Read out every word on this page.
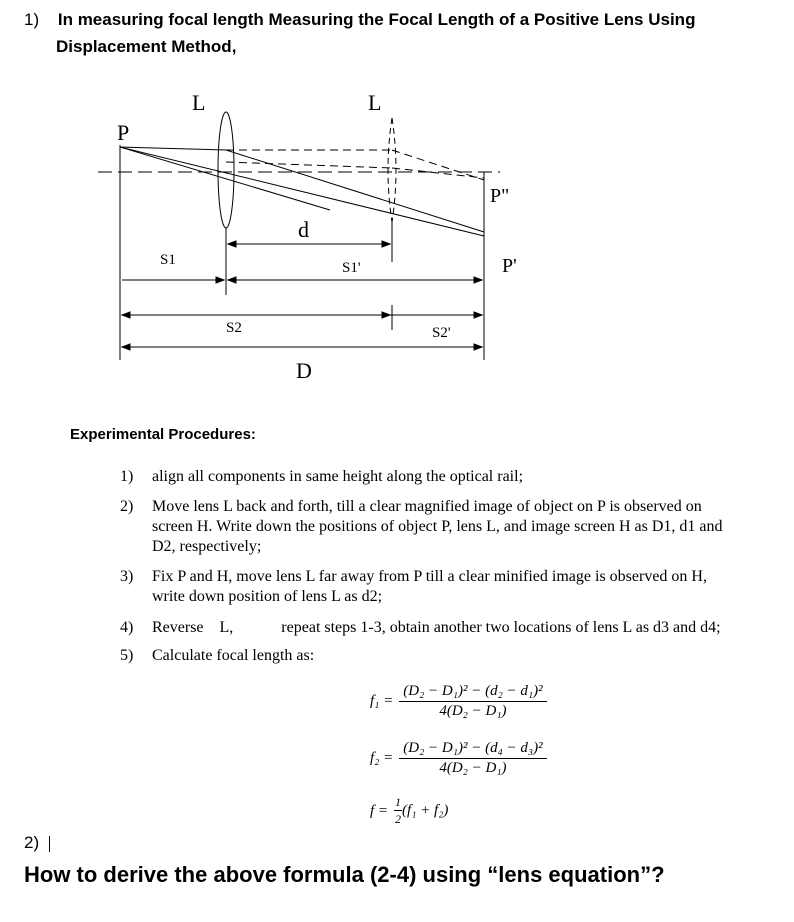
1) In measuring focal length Measuring the Focal Length of a Positive Lens Using
Displacement Method,
L	L
P
P"
P'
d
S1	S1'
S2	S2'
D
Experimental Procedures:
1) align all components in same height along the optical rail;
2) Move lens L back and forth, till a clear magnified image of object on P is observed on
screen H. Write down the positions of object P, lens L, and image screen H as D1, d1 and
D2, respectively;
3) Fix P and H, move lens L far away from P till a clear minified image is observed on H,
write down position of lens L as d2;
4) Reverse    L,            repeat steps 1-3, obtain another two locations of lens L as d3 and d4;
5) Calculate focal length as:
$f_1 = \frac{\text{(D₂ − D₁)² − (d₂ − d₁)²}}{\text{4(D₂ − D₁)}}$
$f_2 = \frac{\text{(D₂ − D₁)² − (d₄ − d₃)²}}{\text{4(D₂ − D₁)}}$
$f = \frac{1}{2} (f_1 + f_2)$
2)
How to derive the above formula (2-4) using “lens equation”?
